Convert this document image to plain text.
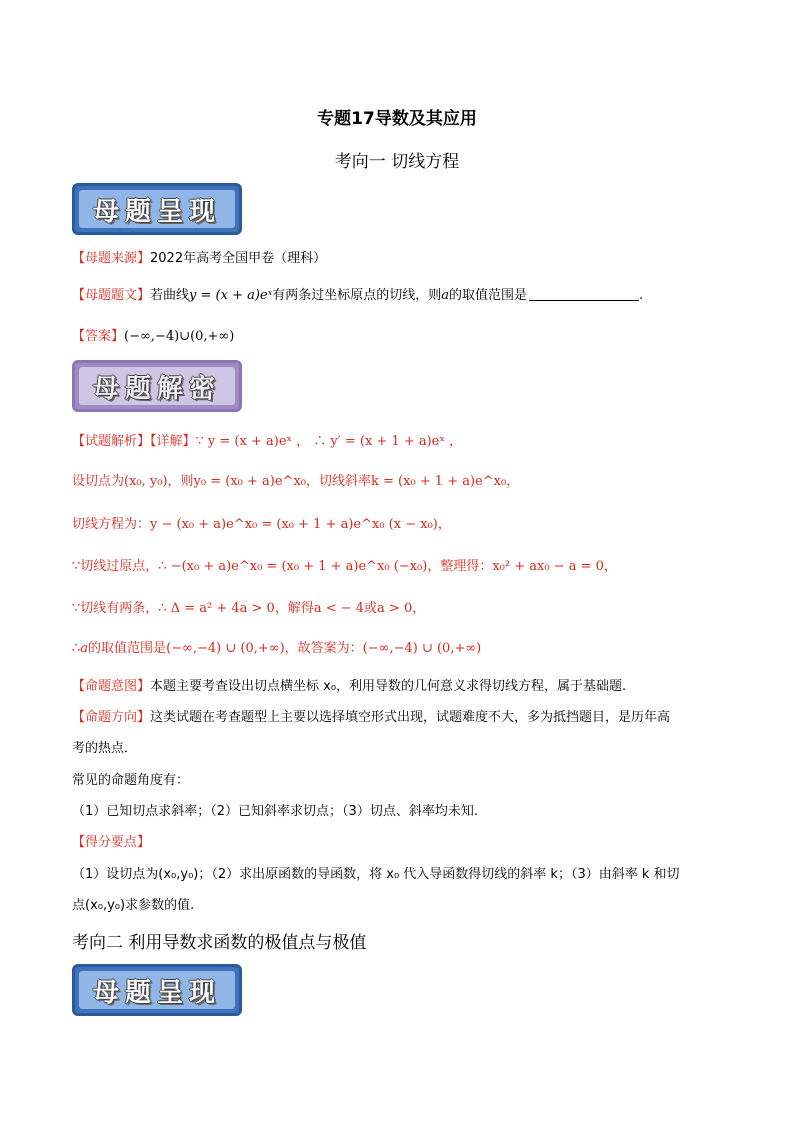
专题17导数及其应用
考向一 切线方程
母题呈现
【母题来源】2022年高考全国甲卷（理科）
【母题题文】若曲线y = (x + a)eˣ有两条过坐标原点的切线，则a的取值范围是	.
【答案】(−∞,−4)∪(0,+∞)
母题解密
【试题解析】【详解】∵ y = (x + a)eˣ ， ∴ y′ = (x + 1 + a)eˣ ，
设切点为(x₀, y₀)，则y₀ = (x₀ + a)e^x₀，切线斜率k = (x₀ + 1 + a)e^x₀，
切线方程为：y − (x₀ + a)e^x₀ = (x₀ + 1 + a)e^x₀ (x − x₀)，
∵切线过原点，∴ −(x₀ + a)e^x₀ = (x₀ + 1 + a)e^x₀ (−x₀)，整理得：x₀² + ax₀ − a = 0，
∵切线有两条，∴ Δ = a² + 4a > 0，解得a < − 4或a > 0，
∴a的取值范围是(−∞,−4) ∪ (0,+∞)，故答案为：(−∞,−4) ∪ (0,+∞)
【命题意图】本题主要考查设出切点横坐标 x₀，利用导数的几何意义求得切线方程，属于基础题.
【命题方向】这类试题在考查题型上主要以选择填空形式出现，试题难度不大，多为抵挡题目，是历年高
考的热点．
常见的命题角度有：
（1）已知切点求斜率；（2）已知斜率求切点；（3）切点、斜率均未知.
【得分要点】
（1）设切点为(x₀,y₀)；（2）求出原函数的导函数，将 x₀ 代入导函数得切线的斜率 k；（3）由斜率 k 和切
点(x₀,y₀)求参数的值.
考向二 利用导数求函数的极值点与极值
母题呈现
